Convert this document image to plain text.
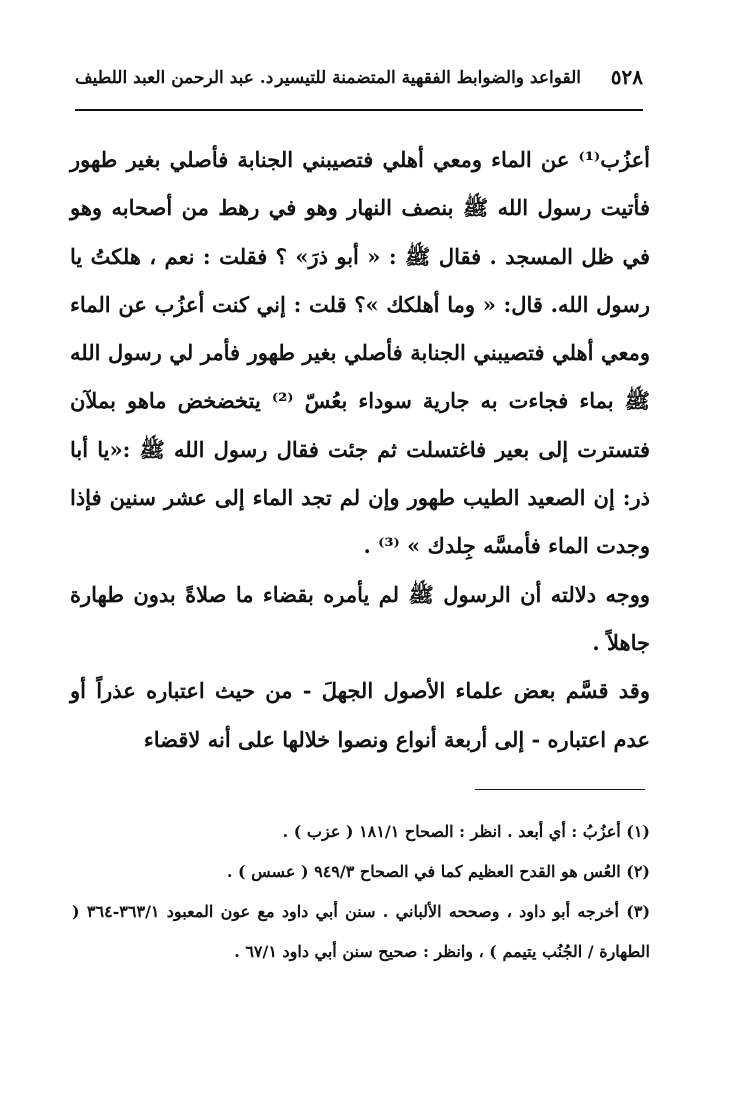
٥٢٨
القواعد والضوابط الفقهية المتضمنة للتيسير
د. عبد الرحمن العبد اللطيف

أعزُب⁽¹⁾ عن الماء ومعي أهلي فتصيبني الجنابة فأصلي بغير طهور فأتيت رسول الله ﷺ بنصف النهار وهو في رهط من أصحابه وهو في ظل المسجد . فقال ﷺ : « أبو ذرَ» ؟ فقلت : نعم ، هلكتُ يا رسول الله. قال: « وما أهلكك »؟ قلت : إني كنت أعزُب عن الماء ومعي أهلي فتصيبني الجنابة فأصلي بغير طهور فأمر لي رسول الله ﷺ بماء فجاءت به جارية سوداء بعُسّ ⁽²⁾ يتخضخض ماهو بملآن فتسترت إلى بعير فاغتسلت ثم جئت فقال رسول الله ﷺ :«يا أبا ذر: إن الصعيد الطيب طهور وإن لم تجد الماء إلى عشر سنين فإذا وجدت الماء فأمسَّه جِلدك » ⁽³⁾ .

ووجه دلالته أن الرسول ﷺ لم يأمره بقضاء ما صلاةً بدون طهارة جاهلاً .

وقد قسَّم بعض علماء الأصول الجهلَ - من حيث اعتباره عذراً أو عدم اعتباره - إلى أربعة أنواع ونصوا خلالها على أنه لاقضاء

(١) أعزُبُ : أي أبعد . انظر : الصحاح ١٨١/١ ( عزب ) .

(٢) العُس هو القدح العظيم كما في الصحاح ٩٤٩/٣ ( عسس ) .

(٣) أخرجه أبو داود ، وصححه الألباني . سنن أبي داود مع عون المعبود ٣٦٣/١-٣٦٤ ( الطهارة / الجُنُب يتيمم ) ، وانظر : صحيح سنن أبي داود ٦٧/١ .
